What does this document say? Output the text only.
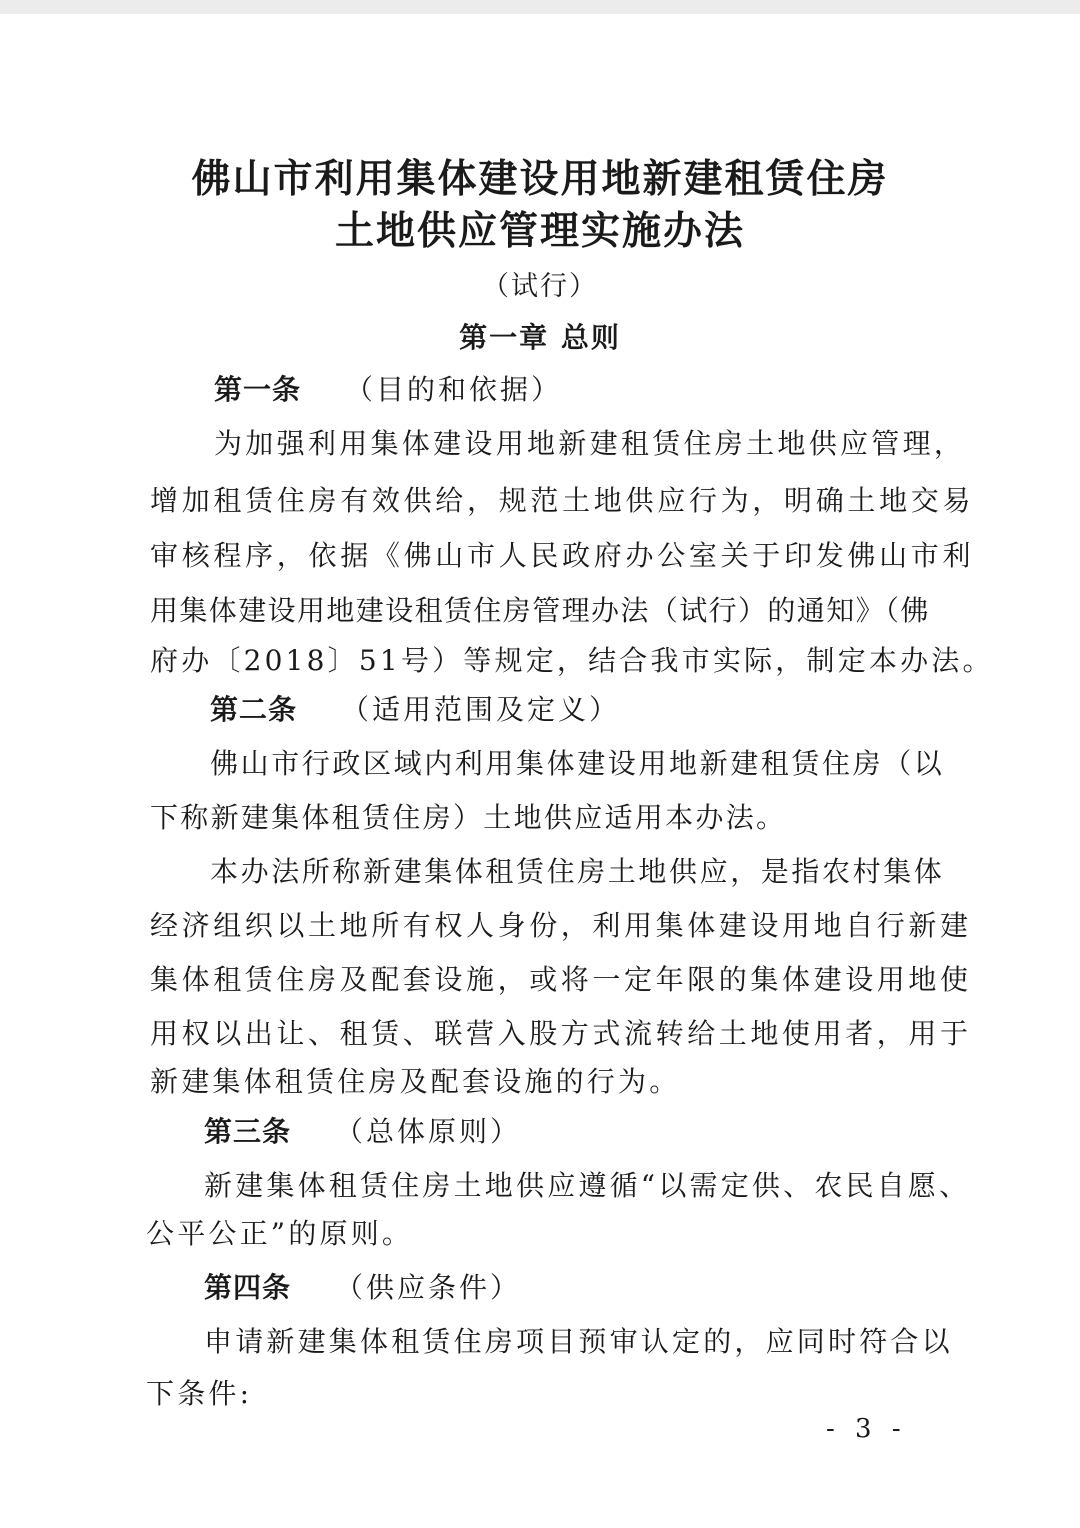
佛山市利用集体建设用地新建租赁住房
土地供应管理实施办法
（试行）
第一章 总则
第一条 （目的和依据）
为加强利用集体建设用地新建租赁住房土地供应管理，
增加租赁住房有效供给，规范土地供应行为，明确土地交易
审核程序，依据《佛山市人民政府办公室关于印发佛山市利
用集体建设用地建设租赁住房管理办法（试行）的通知》（佛
府办〔2018〕51号）等规定，结合我市实际，制定本办法。
第二条 （适用范围及定义）
佛山市行政区域内利用集体建设用地新建租赁住房（以
下称新建集体租赁住房）土地供应适用本办法。
本办法所称新建集体租赁住房土地供应，是指农村集体
经济组织以土地所有权人身份，利用集体建设用地自行新建
集体租赁住房及配套设施，或将一定年限的集体建设用地使
用权以出让、租赁、联营入股方式流转给土地使用者，用于
新建集体租赁住房及配套设施的行为。
第三条 （总体原则）
新建集体租赁住房土地供应遵循“以需定供、农民自愿、
公平公正”的原则。
第四条 （供应条件）
申请新建集体租赁住房项目预审认定的，应同时符合以
下条件:
- 3 -
